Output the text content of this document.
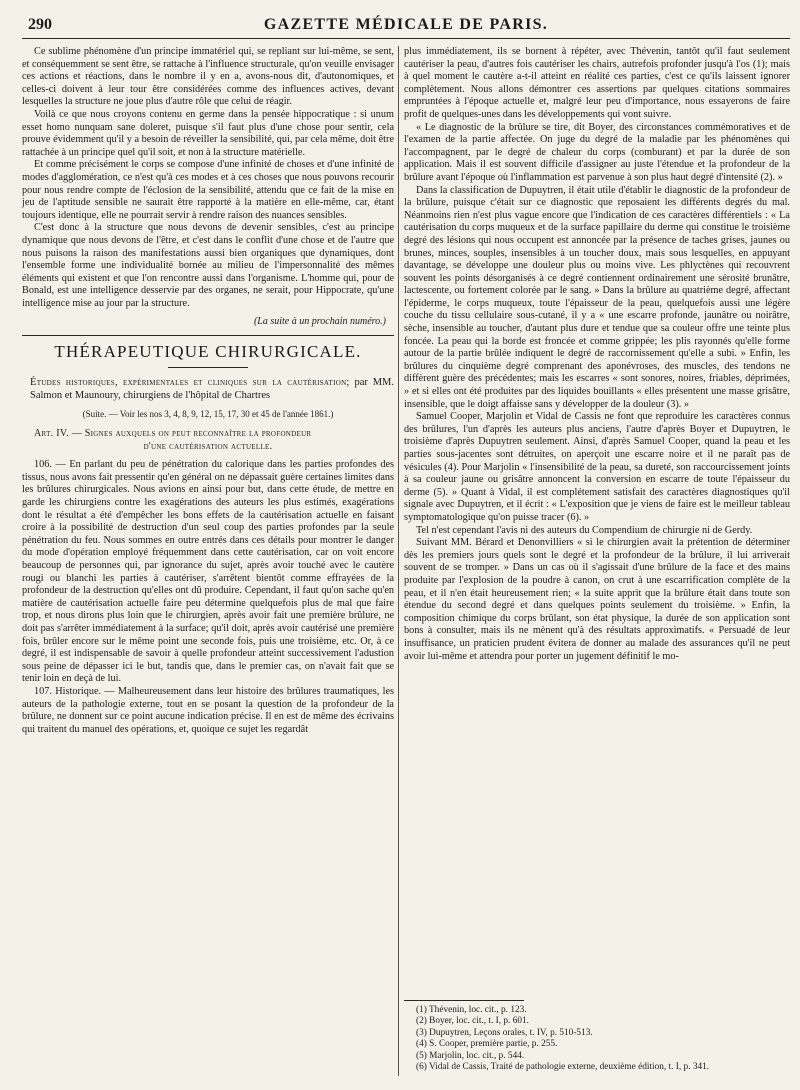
290	GAZETTE MÉDICALE DE PARIS.

Ce sublime phénomène d'un principe immatériel qui, se repliant sur lui-même, se sent, et conséquemment se sent être, se rattache à l'influence structurale, qu'on veuille envisager ces actions et réactions, dans le nombre il y en a, avons-nous dit, d'autonomiques, et celles-ci doivent à leur tour être considérées comme des influences actives, devant lesquelles la structure ne joue plus d'autre rôle que celui de réagir.

Voilà ce que nous croyons contenu en germe dans la pensée hippocratique : si unum esset homo nunquam sane doleret, puisque s'il faut plus d'une chose pour sentir, cela prouve évidemment qu'il y a besoin de réveiller la sensibilité, qui, par cela même, doit être rattachée à un principe quel qu'il soit, et non à la structure matérielle.

Et comme précisément le corps se compose d'une infinité de choses et d'une infinité de modes d'agglomération, ce n'est qu'à ces modes et à ces choses que nous pouvons recourir pour nous rendre compte de l'éclosion de la sensibilité, attendu que ce fait de la mise en jeu de l'aptitude sensible ne saurait être rapporté à la matière en elle-même, car, étant toujours identique, elle ne pourrait servir à rendre raison des nuances sensibles.

C'est donc à la structure que nous devons de devenir sensibles, c'est au principe dynamique que nous devons de l'être, et c'est dans le conflit d'une chose et de l'autre que nous puisons la raison des manifestations aussi bien organiques que dynamiques, dont l'ensemble forme une individualité bornée au milieu de l'impersonnalité des mêmes éléments qui existent et que l'on rencontre aussi dans l'organisme. L'homme qui, pour de Bonald, est une intelligence desservie par des organes, ne serait, pour Hippocrate, qu'une intelligence mise au jour par la structure.

(La suite à un prochain numéro.)

THÉRAPEUTIQUE CHIRURGICALE.

Études historiques, expérimentales et cliniques sur la cautérisation; par MM. Salmon et Maunoury, chirurgiens de l'hôpital de Chartres

(Suite. — Voir les nos 3, 4, 8, 9, 12, 15, 17, 30 et 45 de l'année 1861.)

Art. IV. — Signes auxquels on peut reconnaître la profondeur
d'une cautérisation actuelle.

106. — En parlant du peu de pénétration du calorique dans les parties profondes des tissus, nous avons fait pressentir qu'en général on ne dépassait guère certaines limites dans les brûlures chirurgicales. Nous avions en ainsi pour but, dans cette étude, de mettre en garde les chirurgiens contre les exagérations des auteurs les plus estimés, exagérations dont le résultat a été d'empêcher les bons effets de la cautérisation actuelle en faisant croire à la possibilité de destruction d'un seul coup des parties profondes par la seule pénétration du feu. Nous sommes en outre entrés dans ces détails pour montrer le danger du mode d'opération employé fréquemment dans cette cautérisation, car on voit encore beaucoup de personnes qui, par ignorance du sujet, après avoir touché avec le cautère rougi ou blanchi les parties à cautériser, s'arrêtent bientôt comme effrayées de la profondeur de la destruction qu'elles ont dû produire. Cependant, il faut qu'on sache qu'en matière de cautérisation actuelle faire peu détermine quelquefois plus de mal que faire trop, et nous dirons plus loin que le chirurgien, après avoir fait une première brûlure, ne doit pas s'arrêter immédiatement à la surface; qu'il doit, après avoir cautérisé une première fois, brûler encore sur le même point une seconde fois, puis une troisième, etc. Or, à ce degré, il est indispensable de savoir à quelle profondeur atteint successivement l'adustion sous peine de dépasser ici le but, tandis que, dans le premier cas, on n'avait fait que se tenir loin en deçà de lui.

107. Historique. — Malheureusement dans leur histoire des brûlures traumatiques, les auteurs de la pathologie externe, tout en se posant la question de la profondeur de la brûlure, ne donnent sur ce point aucune indication précise. Il en est de même des écrivains qui traitent du manuel des opérations, et, quoique ce sujet les regardât

plus immédiatement, ils se bornent à répéter, avec Thévenin, tantôt qu'il faut seulement cautériser la peau, d'autres fois cautériser les chairs, autrefois profonder jusqu'à l'os (1); mais à quel moment le cautère a-t-il atteint en réalité ces parties, c'est ce qu'ils laissent ignorer complètement. Nous allons démontrer ces assertions par quelques citations sommaires empruntées à l'époque actuelle et, malgré leur peu d'importance, nous essayerons de faire profit de quelques-unes dans les développements qui vont suivre.

« Le diagnostic de la brûlure se tire, dit Boyer, des circonstances commémoratives et de l'examen de la partie affectée. On juge du degré de la maladie par les phénomènes qui l'accompagnent, par le degré de chaleur du corps (comburant) et par la durée de son application. Mais il est souvent difficile d'assigner au juste l'étendue et la profondeur de la brûlure avant l'époque où l'inflammation est parvenue à son plus haut degré d'intensité (2). »

Dans la classification de Dupuytren, il était utile d'établir le diagnostic de la profondeur de la brûlure, puisque c'était sur ce diagnostic que reposaient les différents degrés du mal. Néanmoins rien n'est plus vague encore que l'indication de ces caractères différentiels : « La cautérisation du corps muqueux et de la surface papillaire du derme qui constitue le troisième degré des lésions qui nous occupent est annoncée par la présence de taches grises, jaunes ou brunes, minces, souples, insensibles à un toucher doux, mais sous lesquelles, en appuyant davantage, se développe une douleur plus ou moins vive. Les phlyctènes qui recouvrent souvent les points désorganisés à ce degré contiennent ordinairement une sérosité brunâtre, lactescente, ou fortement colorée par le sang. » Dans la brûlure au quatrième degré, affectant l'épiderme, le corps muqueux, toute l'épaisseur de la peau, quelquefois aussi une légère couche du tissu cellulaire sous-cutané, il y a « une escarre profonde, jaunâtre ou noirâtre, sèche, insensible au toucher, d'autant plus dure et tendue que sa couleur offre une teinte plus foncée. La peau qui la borde est froncée et comme grippée; les plis rayonnés qu'elle forme autour de la partie brûlée indiquent le degré de raccornissement qu'elle a subi. » Enfin, les brûlures du cinquième degré comprenant des aponévroses, des muscles, des tendons ne diffèrent guère des précédentes; mais les escarres « sont sonores, noires, friables, déprimées, » et si elles ont été produites par des liquides bouillants « elles présentent une masse grisâtre, insensible, que le doigt affaisse sans y développer de la douleur (3). »

Samuel Cooper, Marjolin et Vidal de Cassis ne font que reproduire les caractères connus des brûlures, l'un d'après les auteurs plus anciens, l'autre d'après Boyer et Dupuytren, le troisième d'après Dupuytren seulement. Ainsi, d'après Samuel Cooper, quand la peau et les parties sous-jacentes sont détruites, on aperçoit une escarre noire et il ne paraît pas de vésicules (4). Pour Marjolin « l'insensibilité de la peau, sa dureté, son raccourcissement joints à sa couleur jaune ou grisâtre annoncent la conversion en escarre de toute l'épaisseur du derme (5). » Quant à Vidal, il est complétement satisfait des caractères diagnostiques qu'il signale avec Dupuytren, et il écrit : « L'exposition que je viens de faire est le meilleur tableau symptomatologique qu'on puisse tracer (6). »

Tel n'est cependant l'avis ni des auteurs du Compendium de chirurgie ni de Gerdy.

Suivant MM. Bérard et Denonvilliers « si le chirurgien avait la prétention de déterminer dès les premiers jours quels sont le degré et la profondeur de la brûlure, il lui arriverait souvent de se tromper. » Dans un cas où il s'agissait d'une brûlure de la face et des mains produite par l'explosion de la poudre à canon, on crut à une escarrification complète de la peau, et il n'en était heureusement rien; « la suite apprit que la brûlure était dans toute son étendue du second degré et dans quelques points seulement du troisième. » Enfin, la composition chimique du corps brûlant, son état physique, la durée de son application sont bons à consulter, mais ils ne mènent qu'à des résultats approximatifs. « Persuadé de leur insuffisance, un praticien prudent évitera de donner au malade des assurances qu'il ne peut avoir lui-même et attendra pour porter un jugement définitif le mo-

(1) Thévenin, loc. cit., p. 123.
(2) Boyer, loc. cit., t. I, p. 601.
(3) Dupuytren, Leçons orales, t. IV, p. 510-513.
(4) S. Cooper, première partie, p. 255.
(5) Marjolin, loc. cit., p. 544.
(6) Vidal de Cassis, Traité de pathologie externe, deuxième édition, t. I, p. 341.
